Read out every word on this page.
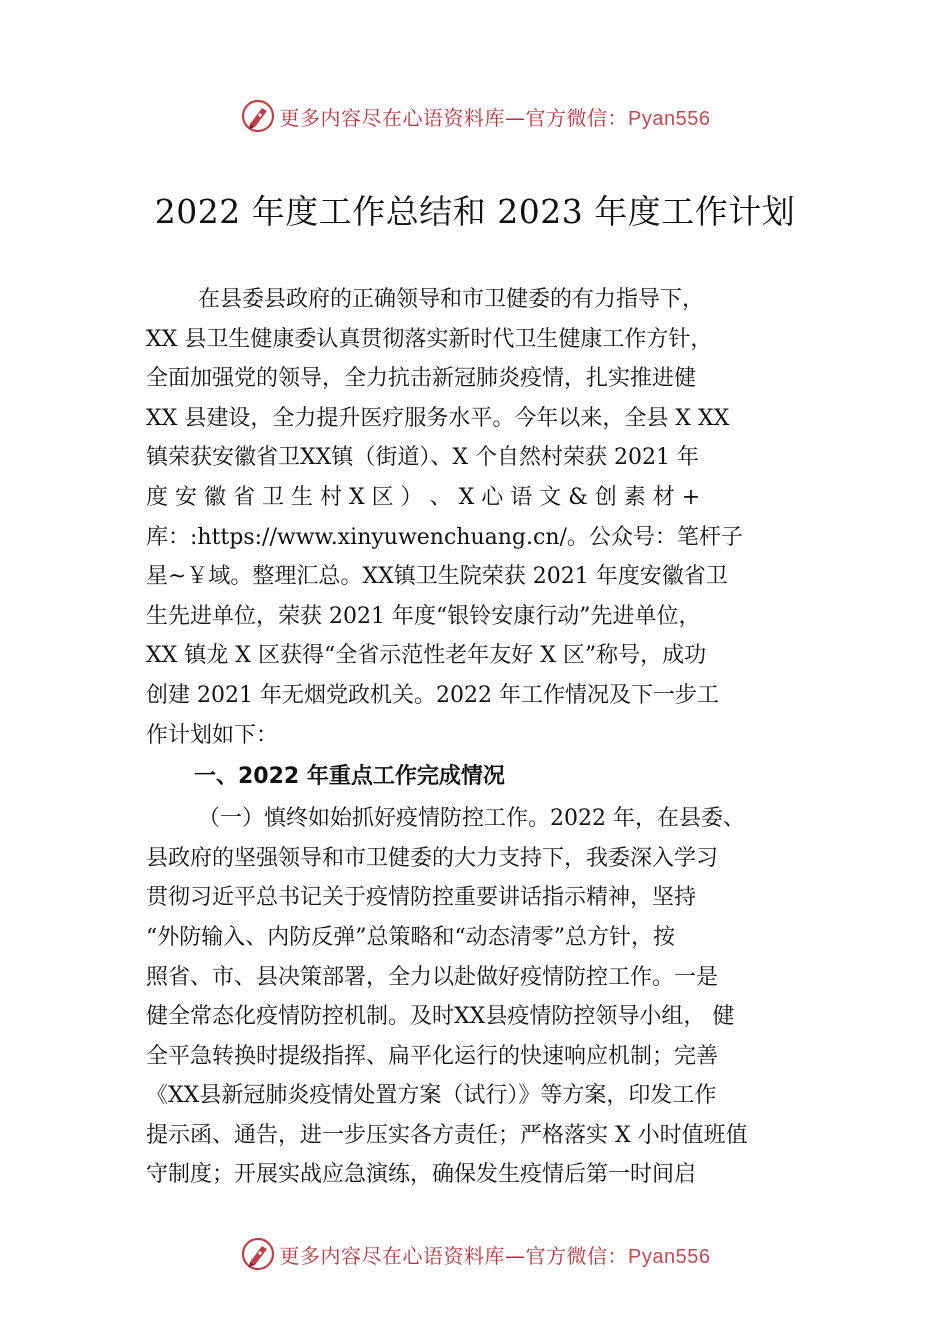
更多内容尽在心语资料库—官方微信：Pyan556
2022 年度工作总结和 2023 年度工作计划
在县委县政府的正确领导和市卫健委的有力指导下，
XX 县卫生健康委认真贯彻落实新时代卫生健康工作方针，
全面加强党的领导，全力抗击新冠肺炎疫情，扎实推进健
XX 县建设，全力提升医疗服务水平。今年以来，全县 X XX
镇荣获安徽省卫XX镇（街道）、X 个自然村荣获 2021 年
度 安 徽 省 卫 生 村 X 区 ） 、 X 心 语 文 & 创 素 材 +
库：:https://www.xinyuwenchuang.cn/。公众号：笔杆子
星~￥域。整理汇总。XX镇卫生院荣获 2021 年度安徽省卫
生先进单位，荣获 2021 年度“银铃安康行动”先进单位，
XX 镇龙 X 区获得“全省示范性老年友好 X 区”称号，成功
创建 2021 年无烟党政机关。2022 年工作情况及下一步工
作计划如下：
一、2022 年重点工作完成情况
（一）慎终如始抓好疫情防控工作。2022 年，在县委、
县政府的坚强领导和市卫健委的大力支持下，我委深入学习
贯彻习近平总书记关于疫情防控重要讲话指示精神，坚持
“外防输入、内防反弹”总策略和“动态清零”总方针，按
照省、市、县决策部署，全力以赴做好疫情防控工作。一是
健全常态化疫情防控机制。及时XX县疫情防控领导小组， 健
全平急转换时提级指挥、扁平化运行的快速响应机制；完善
《XX县新冠肺炎疫情处置方案（试行）》等方案，印发工作
提示函、通告，进一步压实各方责任；严格落实 X 小时值班值
守制度；开展实战应急演练，确保发生疫情后第一时间启
更多内容尽在心语资料库—官方微信：Pyan556
